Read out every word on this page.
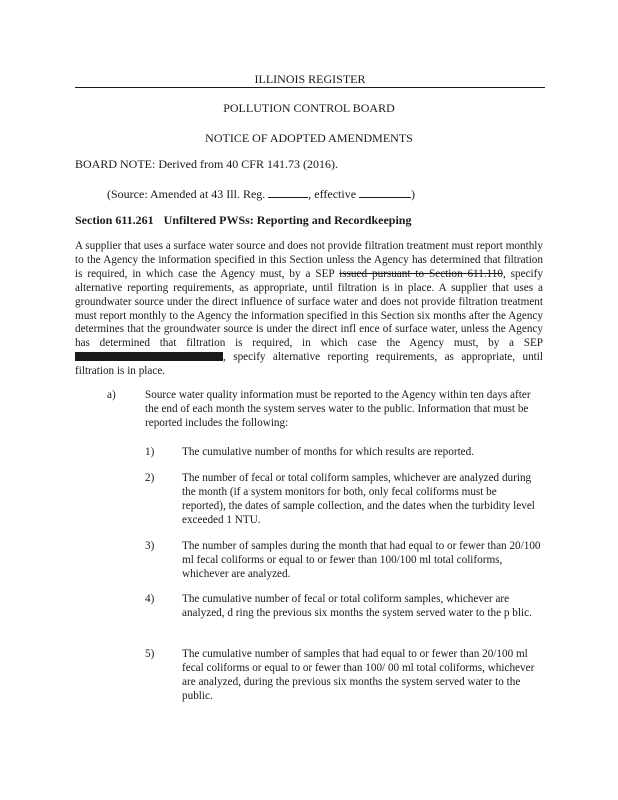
ILLINOIS REGISTER
POLLUTION CONTROL BOARD
NOTICE OF ADOPTED AMENDMENTS
BOARD NOTE: Derived from 40 CFR 141.73 (2016).
(Source: Amended at 43 Ill. Reg.	, effective	)
Section 611.261 Unfiltered PWSs: Reporting and Recordkeeping
A supplier that uses a surface water source and does not provide filtration treatment must report monthly to the Agency the information specified in this Section unless the Agency has determined that filtration is required, in which case the Agency must, by a SEP issued pursuant to Section 611.110, specify alternative reporting requirements, as appropriate, until filtration is in place. A supplier that uses a groundwater source under the direct influence of surface water and does not provide filtration treatment must report monthly to the Agency the information specified in this Section six months after the Agency determines that the groundwater source is under the direct infl ence of surface water, unless the Agency has determined that filtration is required, in which case the Agency must, by a SEP , specify alternative reporting requirements, as appropriate, until filtration is in place.
a)	Source water quality information must be reported to the Agency within ten days after the end of each month the system serves water to the public. Information that must be reported includes the following:
1) The cumulative number of months for which results are reported.
2) The number of fecal or total coliform samples, whichever are analyzed during the month (if a system monitors for both, only fecal coliforms must be reported), the dates of sample collection, and the dates when the turbidity level exceeded 1 NTU.
3) The number of samples during the month that had equal to or fewer than 20/100 ml fecal coliforms or equal to or fewer than 100/100 ml total coliforms, whichever are analyzed.
4) The cumulative number of fecal or total coliform samples, whichever are analyzed, d ring the previous six months the system served water to the p blic.
5) The cumulative number of samples that had equal to or fewer than 20/100 ml fecal coliforms or equal to or fewer than 100/ 00 ml total coliforms, whichever are analyzed, during the previous six months the system served water to the public.
